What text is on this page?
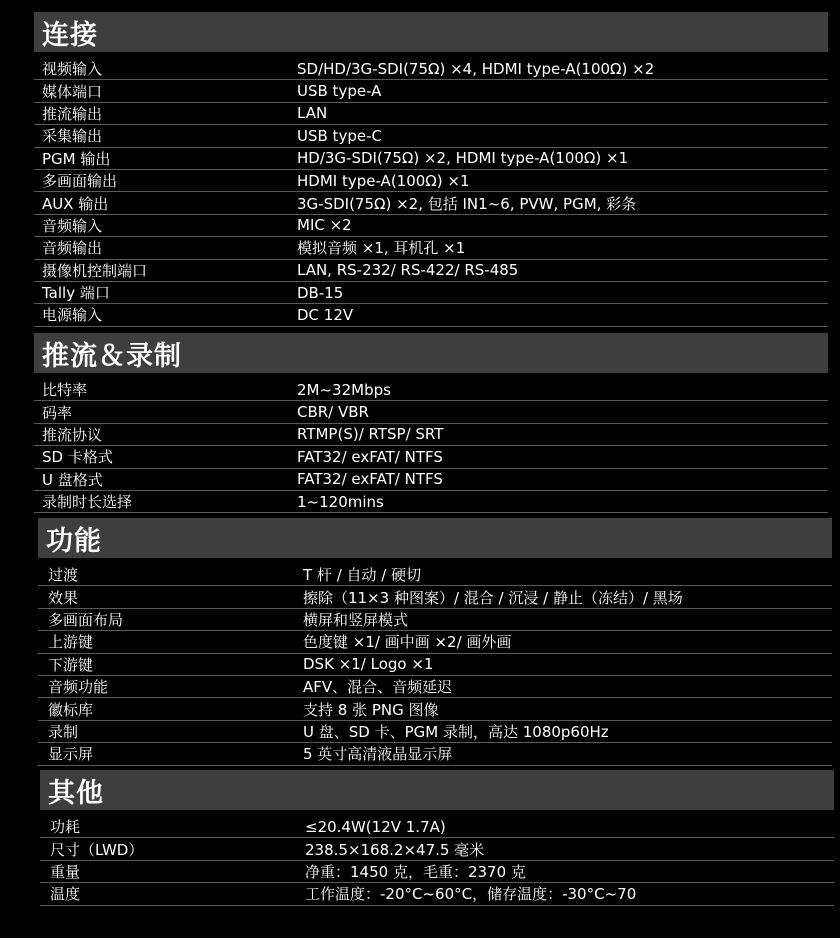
连接
视频输入	SD/HD/3G-SDI(75Ω) ×4, HDMI type-A(100Ω) ×2
媒体端口	USB type-A
推流输出	LAN
采集输出	USB type-C
PGM 输出	HD/3G-SDI(75Ω) ×2, HDMI type-A(100Ω) ×1
多画面输出	HDMI type-A(100Ω) ×1
AUX 输出	3G-SDI(75Ω) ×2, 包括 IN1~6, PVW, PGM, 彩条
音频输入	MIC ×2
音频输出	模拟音频 ×1, 耳机孔 ×1
摄像机控制端口	LAN, RS-232/ RS-422/ RS-485
Tally 端口	DB-15
电源输入	DC 12V
推流＆录制
比特率	2M~32Mbps
码率	CBR/ VBR
推流协议	RTMP(S)/ RTSP/ SRT
SD 卡格式	FAT32/ exFAT/ NTFS
U 盘格式	FAT32/ exFAT/ NTFS
录制时长选择	1~120mins
功能
过渡	T 杆 / 自动 / 硬切
效果	擦除（11×3 种图案）/ 混合 / 沉浸 / 静止（冻结）/ 黑场
多画面布局	横屏和竖屏模式
上游键	色度键 ×1/ 画中画 ×2/ 画外画
下游键	DSK ×1/ Logo ×1
音频功能	AFV、混合、音频延迟
徽标库	支持 8 张 PNG 图像
录制	U 盘、SD 卡、PGM 录制，高达 1080p60Hz
显示屏	5 英寸高清液晶显示屏
其他
功耗	≤20.4W(12V 1.7A)
尺寸（LWD）	238.5×168.2×47.5 毫米
重量	净重：1450 克，毛重：2370 克
温度	工作温度：-20°C~60°C，储存温度：-30°C~70
